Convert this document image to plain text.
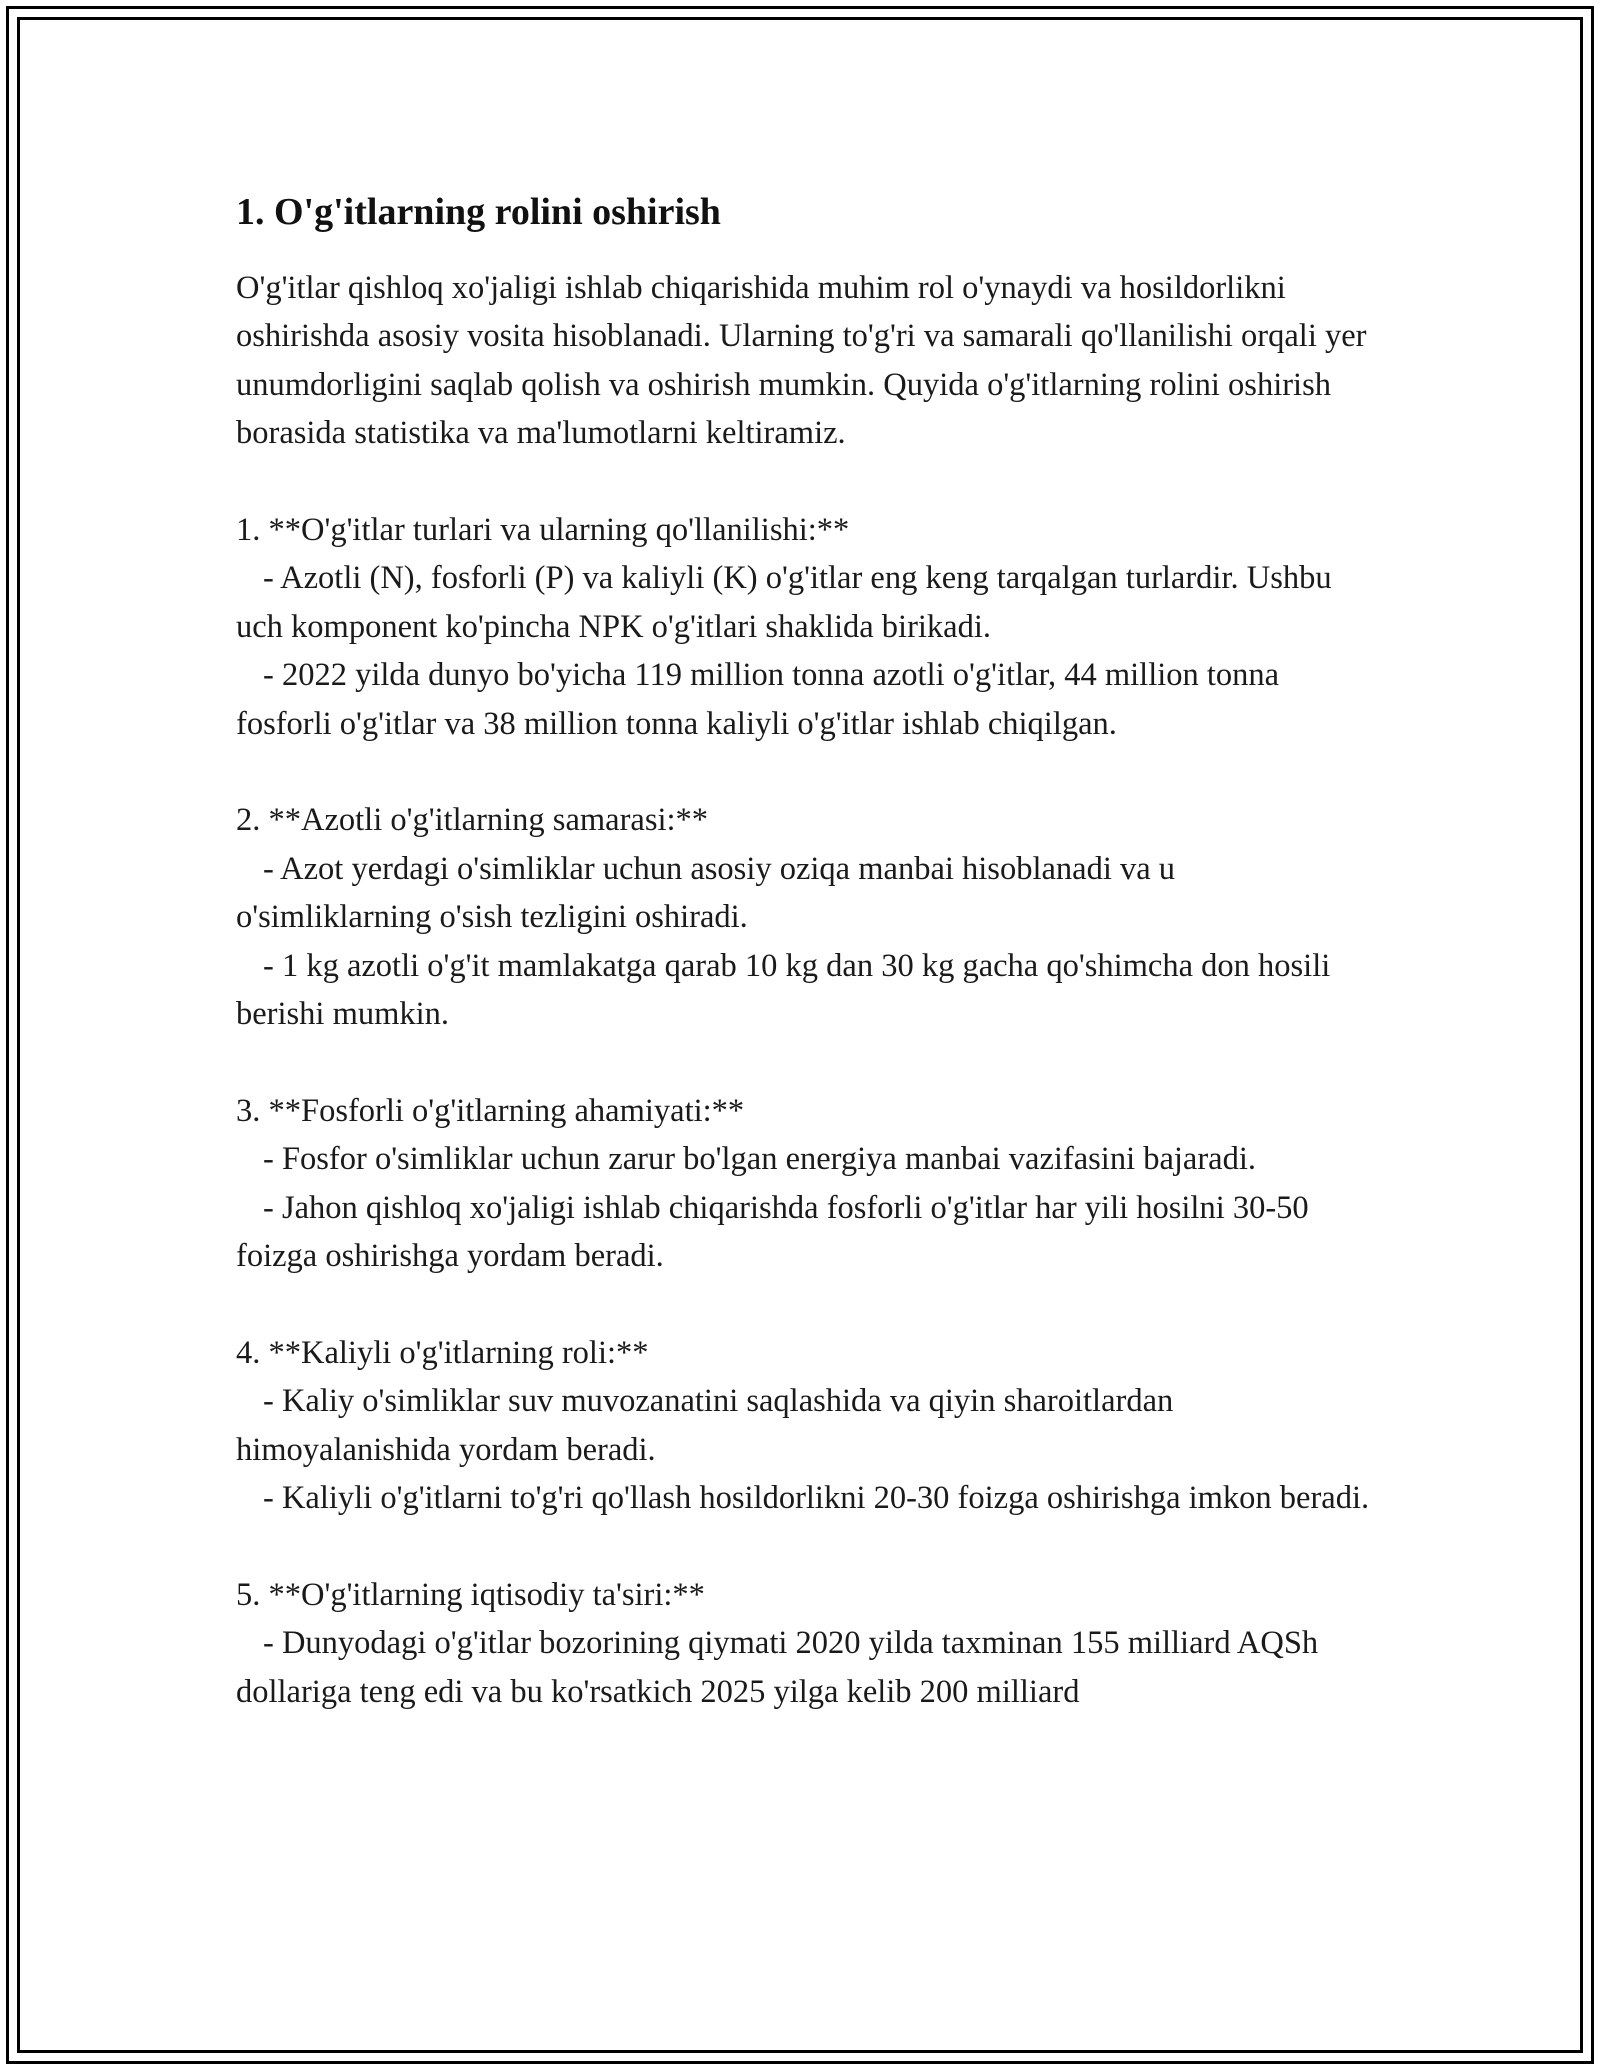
1. O'g'itlarning rolini oshirish

O'g'itlar qishloq xo'jaligi ishlab chiqarishida muhim rol o'ynaydi va hosildorlikni oshirishda asosiy vosita hisoblanadi. Ularning to'g'ri va samarali qo'llanilishi orqali yer unumdorligini saqlab qolish va oshirish mumkin. Quyida o'g'itlarning rolini oshirish borasida statistika va ma'lumotlarni keltiramiz.

1. **O'g'itlar turlari va ularning qo'llanilishi:**

- Azotli (N), fosforli (P) va kaliyli (K) o'g'itlar eng keng tarqalgan turlardir. Ushbu uch komponent ko'pincha NPK o'g'itlari shaklida birikadi.

- 2022 yilda dunyo bo'yicha 119 million tonna azotli o'g'itlar, 44 million tonna fosforli o'g'itlar va 38 million tonna kaliyli o'g'itlar ishlab chiqilgan.

2. **Azotli o'g'itlarning samarasi:**

- Azot yerdagi o'simliklar uchun asosiy oziqa manbai hisoblanadi va u o'simliklarning o'sish tezligini oshiradi.

- 1 kg azotli o'g'it mamlakatga qarab 10 kg dan 30 kg gacha qo'shimcha don hosili berishi mumkin.

3. **Fosforli o'g'itlarning ahamiyati:**

- Fosfor o'simliklar uchun zarur bo'lgan energiya manbai vazifasini bajaradi.

- Jahon qishloq xo'jaligi ishlab chiqarishda fosforli o'g'itlar har yili hosilni 30-50 foizga oshirishga yordam beradi.

4. **Kaliyli o'g'itlarning roli:**

- Kaliy o'simliklar suv muvozanatini saqlashida va qiyin sharoitlardan himoyalanishida yordam beradi.

- Kaliyli o'g'itlarni to'g'ri qo'llash hosildorlikni 20-30 foizga oshirishga imkon beradi.

5. **O'g'itlarning iqtisodiy ta'siri:**

- Dunyodagi o'g'itlar bozorining qiymati 2020 yilda taxminan 155 milliard AQSh dollariga teng edi va bu ko'rsatkich 2025 yilga kelib 200 milliard
